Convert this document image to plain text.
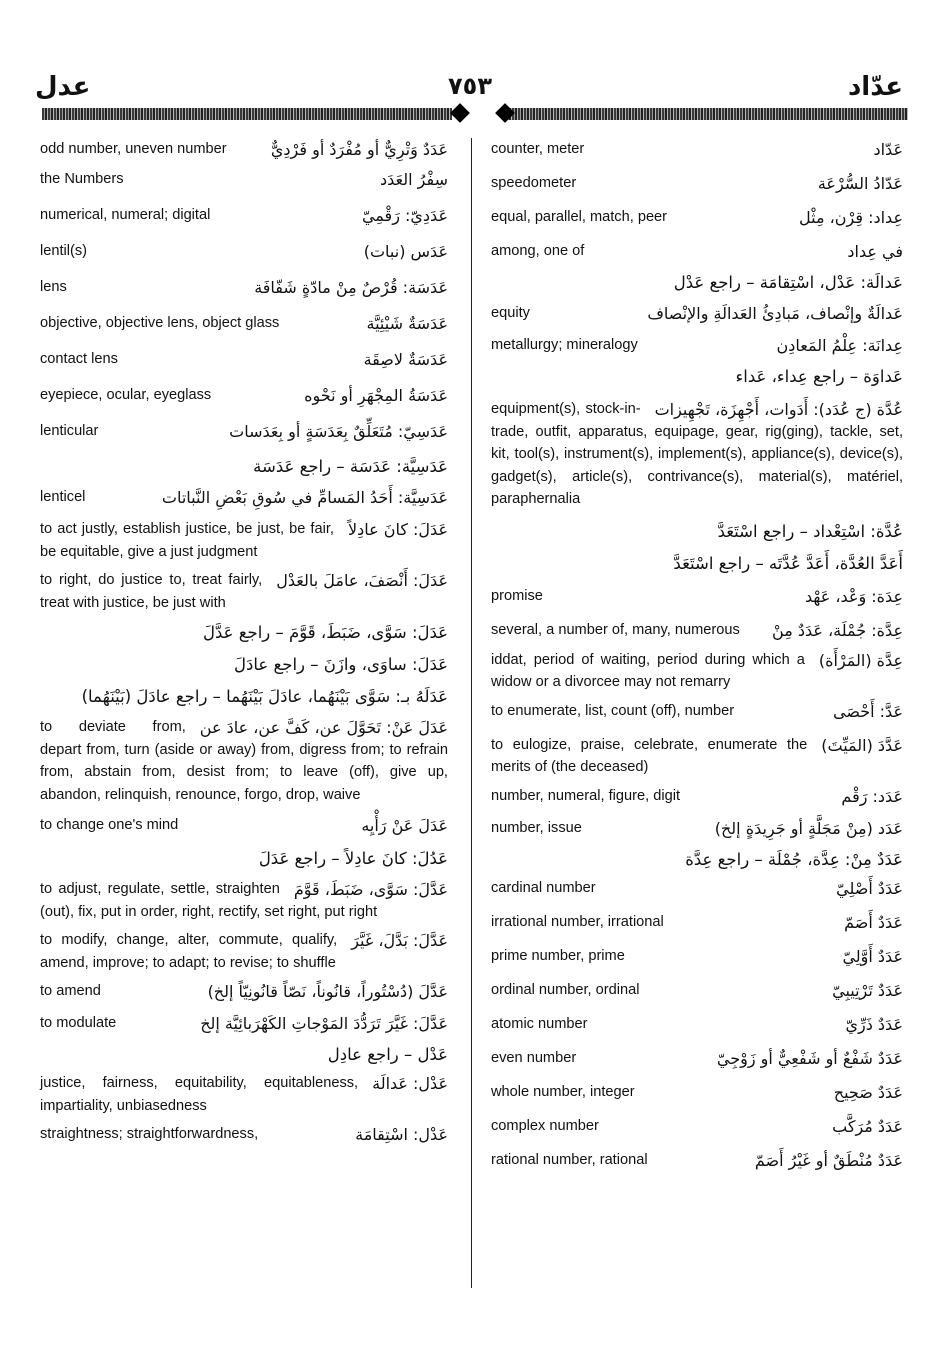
عدل	٧٥٣	عدّاد
عَدَدٌ وَتْرِيٌّ أو مُفْرَدٌ أو فَرْدِيٌّ
odd number, uneven number
سِفْرُ العَدَد
the Numbers
عَدَدِيّ: رَقْمِيّ
numerical, numeral; digital
عَدَس (نبات)
lentil(s)
عَدَسَة: قُرْصٌ مِنْ مادّةٍ شَفّافَة
lens
عَدَسَةٌ شَيْئِيَّة
objective, objective lens, object glass
عَدَسَةٌ لاصِقَة
contact lens
عَدَسَةُ المِجْهَرِ أو نَحْوه
eyepiece, ocular, eyeglass
عَدَسِيّ: مُتَعَلِّقٌ بِعَدَسَةٍ أو بِعَدَسات
lenticular
عَدَسِيَّة: عَدَسَة – راجع عَدَسَة
عَدَسِيَّة: أَحَدُ المَسامِّ في سُوقِ بَعْضِ النَّباتات
lenticel
عَدَلَ: كانَ عادِلاً
to act justly, establish justice, be just, be fair, be equitable, give a just judgment
عَدَلَ: أَنْصَفَ، عامَلَ بالعَدْل
to right, do justice to, treat fairly, treat with justice, be just with
عَدَلَ: سَوَّى، ضَبَطَ، قَوَّمَ – راجع عَدَّلَ
عَدَلَ: ساوَى، وازَنَ – راجع عادَلَ
عَدَلَهُ بـ: سَوَّى بَيْنَهُما، عادَلَ بَيْنَهُما – راجع عادَلَ (بَيْنَهُما)
عَدَلَ عَنْ: تَحَوَّلَ عن، كَفَّ عن، عادَ عن
to deviate from, depart from, turn (aside or away) from, digress from; to refrain from, abstain from, desist from; to leave (off), give up, abandon, relinquish, renounce, forgo, drop, waive
عَدَلَ عَنْ رَأْيِه
to change one's mind
عَدُلَ: كانَ عادِلاً – راجع عَدَلَ
عَدَّلَ: سَوَّى، ضَبَطَ، قَوَّمَ
to adjust, regulate, settle, straighten (out), fix, put in order, right, rectify, set right, put right
عَدَّلَ: بَدَّلَ، غَيَّرَ
to modify, change, alter, commute, qualify, amend, improve; to adapt; to revise; to shuffle
عَدَّلَ (دُسْتُوراً، قانُوناً، نَصّاً قانُونِيّاً إلخ)
to amend
عَدَّلَ: غَيَّرَ تَرَدُّدَ المَوْجاتِ الكَهْرَبائِيَّة إلخ
to modulate
عَدْل – راجع عادِل
عَدْل: عَدالَة
justice, fairness, equitability, equitableness, impartiality, unbiasedness
عَدْل: اسْتِقامَة
straightness; straightforwardness,
عَدّاد
counter, meter
عَدّادُ السُّرْعَة
speedometer
عِداد: قِرْن، مِثْل
equal, parallel, match, peer
في عِداد
among, one of
عَدالَة: عَدْل، اسْتِقامَة – راجع عَدْل
عَدالَةٌ وإنْصاف، مَبادِئُ العَدالَةِ والإنْصاف
equity
عِدانَة: عِلْمُ المَعادِن
metallurgy; mineralogy
عَداوَة – راجع عِداء، عَداء
عُدَّة (ج عُدَد): أَدَوات، أَجْهِزَة، تَجْهِيزات
equipment(s), stock-in-trade, outfit, apparatus, equipage, gear, rig(ging), tackle, set, kit, tool(s), instrument(s), implement(s), appliance(s), device(s), gadget(s), article(s), contrivance(s), material(s), matériel, paraphernalia
عُدَّة: اسْتِعْداد – راجع اسْتَعَدَّ
أَعَدَّ العُدَّة، أَعَدَّ عُدَّتَه – راجع اسْتَعَدَّ
عِدَة: وَعْد، عَهْد
promise
عِدَّة: جُمْلَة، عَدَدٌ مِنْ
several, a number of, many, numerous
عِدَّة (المَرْأَة)
iddat, period of waiting, period during which a widow or a divorcee may not remarry
عَدَّ: أَحْصَى
to enumerate, list, count (off), number
عَدَّدَ (المَيِّتَ)
to eulogize, praise, celebrate, enumerate the merits of (the deceased)
عَدَد: رَقْم
number, numeral, figure, digit
عَدَد (مِنْ مَجَلَّةٍ أو جَرِيدَةٍ إلخ)
number, issue
عَدَدٌ مِنْ: عِدَّة، جُمْلَة – راجع عِدَّة
عَدَدٌ أَصْلِيّ
cardinal number
عَدَدٌ أَصَمّ
irrational number, irrational
عَدَدٌ أَوَّلِيّ
prime number, prime
عَدَدٌ تَرْتِيبِيّ
ordinal number, ordinal
عَدَدٌ ذَرِّيّ
atomic number
عَدَدٌ شَفْعٌ أو شَفْعِيٌّ أو زَوْجِيّ
even number
عَدَدٌ صَحِيح
whole number, integer
عَدَدٌ مُرَكَّب
complex number
عَدَدٌ مُنْطَقٌ أو غَيْرُ أَصَمّ
rational number, rational
